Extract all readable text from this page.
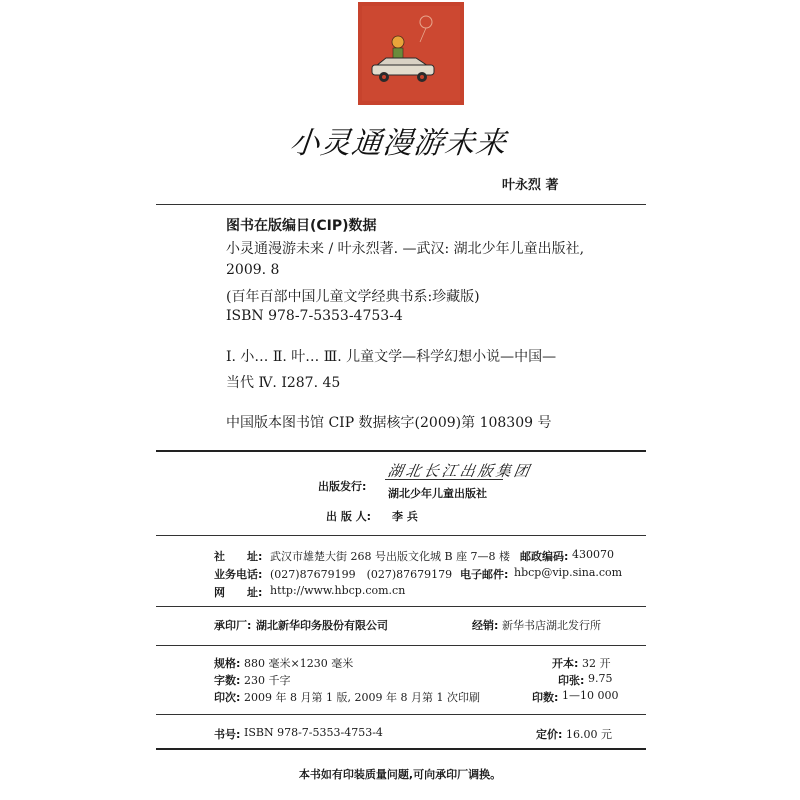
小灵通漫游未来
叶永烈 著
图书在版编目(CIP)数据
小灵通漫游未来 / 叶永烈著. —武汉: 湖北少年儿童出版社,
2009. 8
(百年百部中国儿童文学经典书系:珍藏版)
ISBN 978-7-5353-4753-4
Ⅰ. 小… Ⅱ. 叶… Ⅲ. 儿童文学—科学幻想小说—中国—
当代 Ⅳ. I287. 45
中国版本图书馆 CIP 数据核字(2009)第 108309 号
出版发行:
湖北长江出版集团
湖北少年儿童出版社
出 版 人: 李 兵
社　　址: 武汉市雄楚大街 268 号出版文化城 B 座 7—8 楼 邮政编码: 430070
业务电话: (027)87679199　(027)87679179 电子邮件: hbcp@vip.sina.com
网　　址: http://www.hbcp.com.cn
承印厂: 湖北新华印务股份有限公司	经销: 新华书店湖北发行所
规格: 880 毫米×1230 毫米	开本: 32 开
字数: 230 千字	印张: 9.75
印次: 2009 年 8 月第 1 版, 2009 年 8 月第 1 次印刷	印数: 1—10 000
书号: ISBN 978-7-5353-4753-4	定价: 16.00 元
本书如有印装质量问题,可向承印厂调换。
